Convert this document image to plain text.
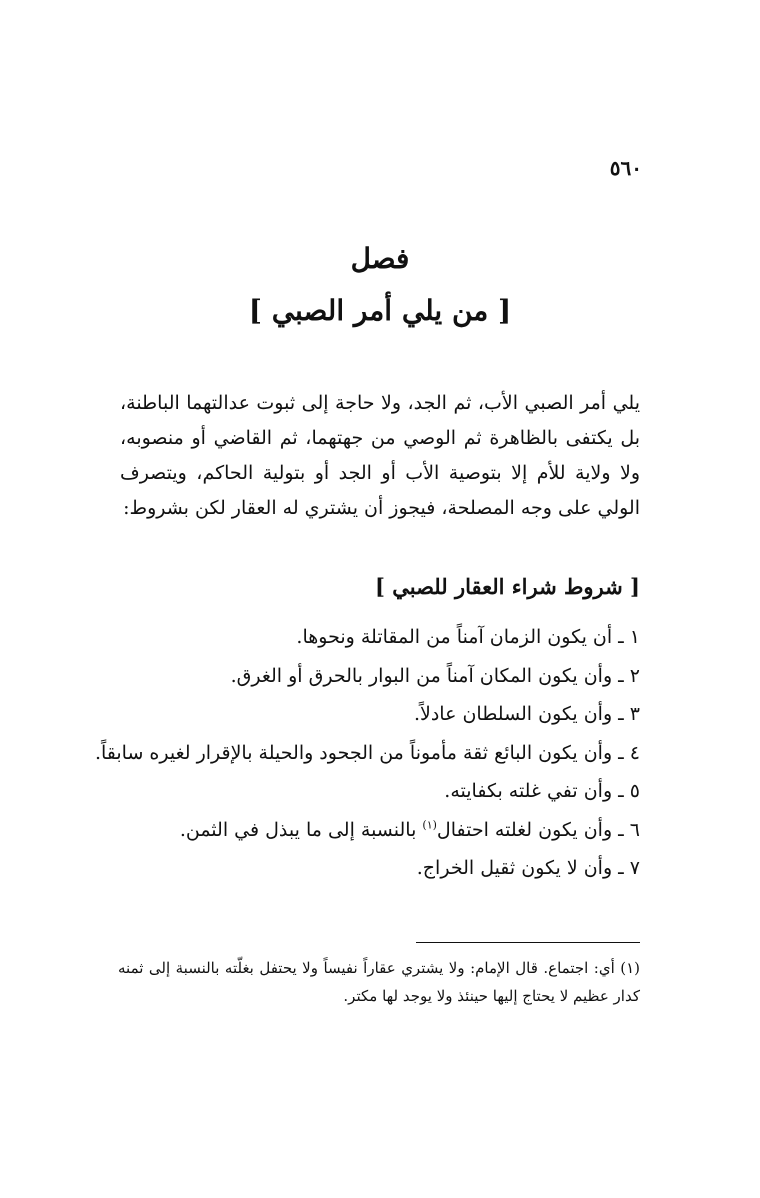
٥٦٠
فصل
[ من يلي أمر الصبي ]

يلي أمر الصبي الأب، ثم الجد، ولا حاجة إلى ثبوت عدالتهما الباطنة، بل يكتفى بالظاهرة ثم الوصي من جهتهما، ثم القاضي أو منصوبه، ولا ولاية للأم إلا بتوصية الأب أو الجد أو بتولية الحاكم، ويتصرف الولي على وجه المصلحة، فيجوز أن يشتري له العقار لكن بشروط:

[ شروط شراء العقار للصبي ]
١ ـ أن يكون الزمان آمناً من المقاتلة ونحوها.
٢ ـ وأن يكون المكان آمناً من البوار بالحرق أو الغرق.
٣ ـ وأن يكون السلطان عادلاً.
٤ ـ وأن يكون البائع ثقة مأموناً من الجحود والحيلة بالإقرار لغيره سابقاً.
٥ ـ وأن تفي غلته بكفايته.
٦ ـ وأن يكون لغلته احتفال$^{(١)}$ بالنسبة إلى ما يبذل في الثمن.
٧ ـ وأن لا يكون ثقيل الخراج.

(١) أي: اجتماع. قال الإمام: ولا يشتري عقاراً نفيساً ولا يحتفل بغلّته بالنسبة إلى ثمنه كدار عظيم لا يحتاج إليها حينئذ ولا يوجد لها مكتر.
